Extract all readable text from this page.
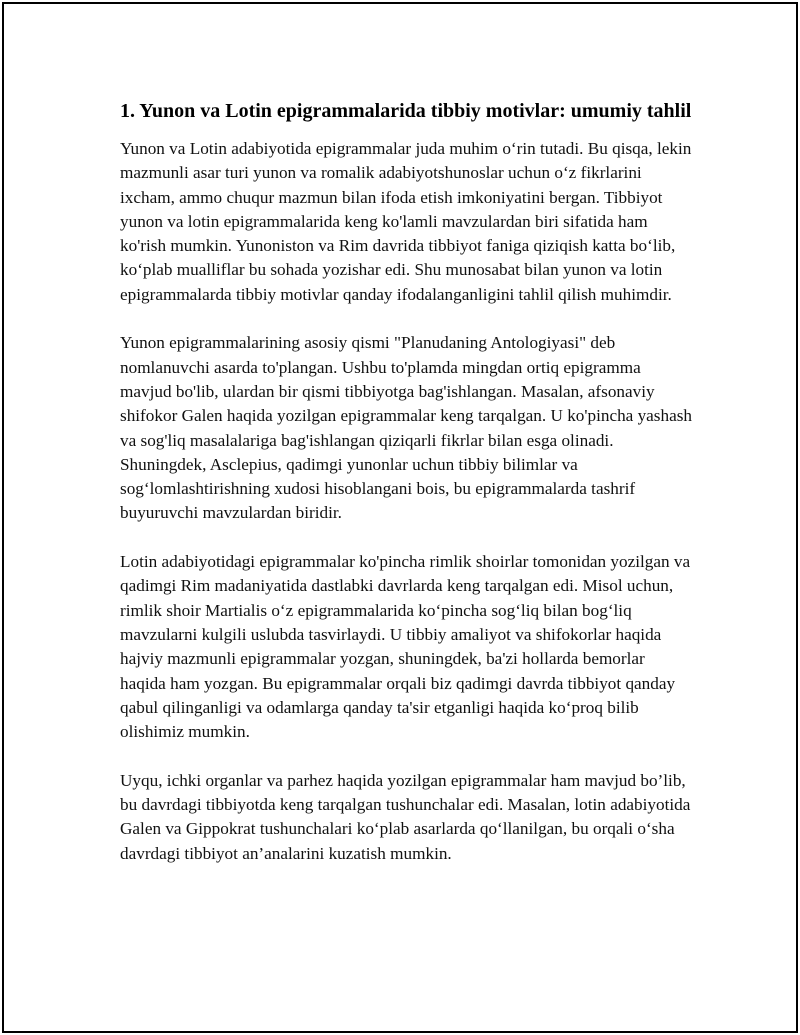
1. Yunon va Lotin epigrammalarida tibbiy motivlar: umumiy tahlil

Yunon va Lotin adabiyotida epigrammalar juda muhim o‘rin tutadi. Bu qisqa, lekin mazmunli asar turi yunon va romalik adabiyotshunoslar uchun o‘z fikrlarini ixcham, ammo chuqur mazmun bilan ifoda etish imkoniyatini bergan. Tibbiyot yunon va lotin epigrammalarida keng ko'lamli mavzulardan biri sifatida ham ko'rish mumkin. Yunoniston va Rim davrida tibbiyot faniga qiziqish katta bo‘lib, ko‘plab mualliflar bu sohada yozishar edi. Shu munosabat bilan yunon va lotin epigrammalarda tibbiy motivlar qanday ifodalanganligini tahlil qilish muhimdir.

Yunon epigrammalarining asosiy qismi "Planudaning Antologiyasi" deb nomlanuvchi asarda to'plangan. Ushbu to'plamda mingdan ortiq epigramma mavjud bo'lib, ulardan bir qismi tibbiyotga bag'ishlangan. Masalan, afsonaviy shifokor Galen haqida yozilgan epigrammalar keng tarqalgan. U ko'pincha yashash va sog'liq masalalariga bag'ishlangan qiziqarli fikrlar bilan esga olinadi. Shuningdek, Asclepius, qadimgi yunonlar uchun tibbiy bilimlar va sog‘lomlashtirishning xudosi hisoblangani bois, bu epigrammalarda tashrif buyuruvchi mavzulardan biridir.

Lotin adabiyotidagi epigrammalar ko'pincha rimlik shoirlar tomonidan yozilgan va qadimgi Rim madaniyatida dastlabki davrlarda keng tarqalgan edi. Misol uchun, rimlik shoir Martialis o‘z epigrammalarida ko‘pincha sog‘liq bilan bog‘liq mavzularni kulgili uslubda tasvirlaydi. U tibbiy amaliyot va shifokorlar haqida hajviy mazmunli epigrammalar yozgan, shuningdek, ba'zi hollarda bemorlar haqida ham yozgan. Bu epigrammalar orqali biz qadimgi davrda tibbiyot qanday qabul qilinganligi va odamlarga qanday ta'sir etganligi haqida ko‘proq bilib olishimiz mumkin.

Uyqu, ichki organlar va parhez haqida yozilgan epigrammalar ham mavjud bo’lib, bu davrdagi tibbiyotda keng tarqalgan tushunchalar edi. Masalan, lotin adabiyotida Galen va Gippokrat tushunchalari ko‘plab asarlarda qo‘llanilgan, bu orqali o‘sha davrdagi tibbiyot an’analarini kuzatish mumkin.
